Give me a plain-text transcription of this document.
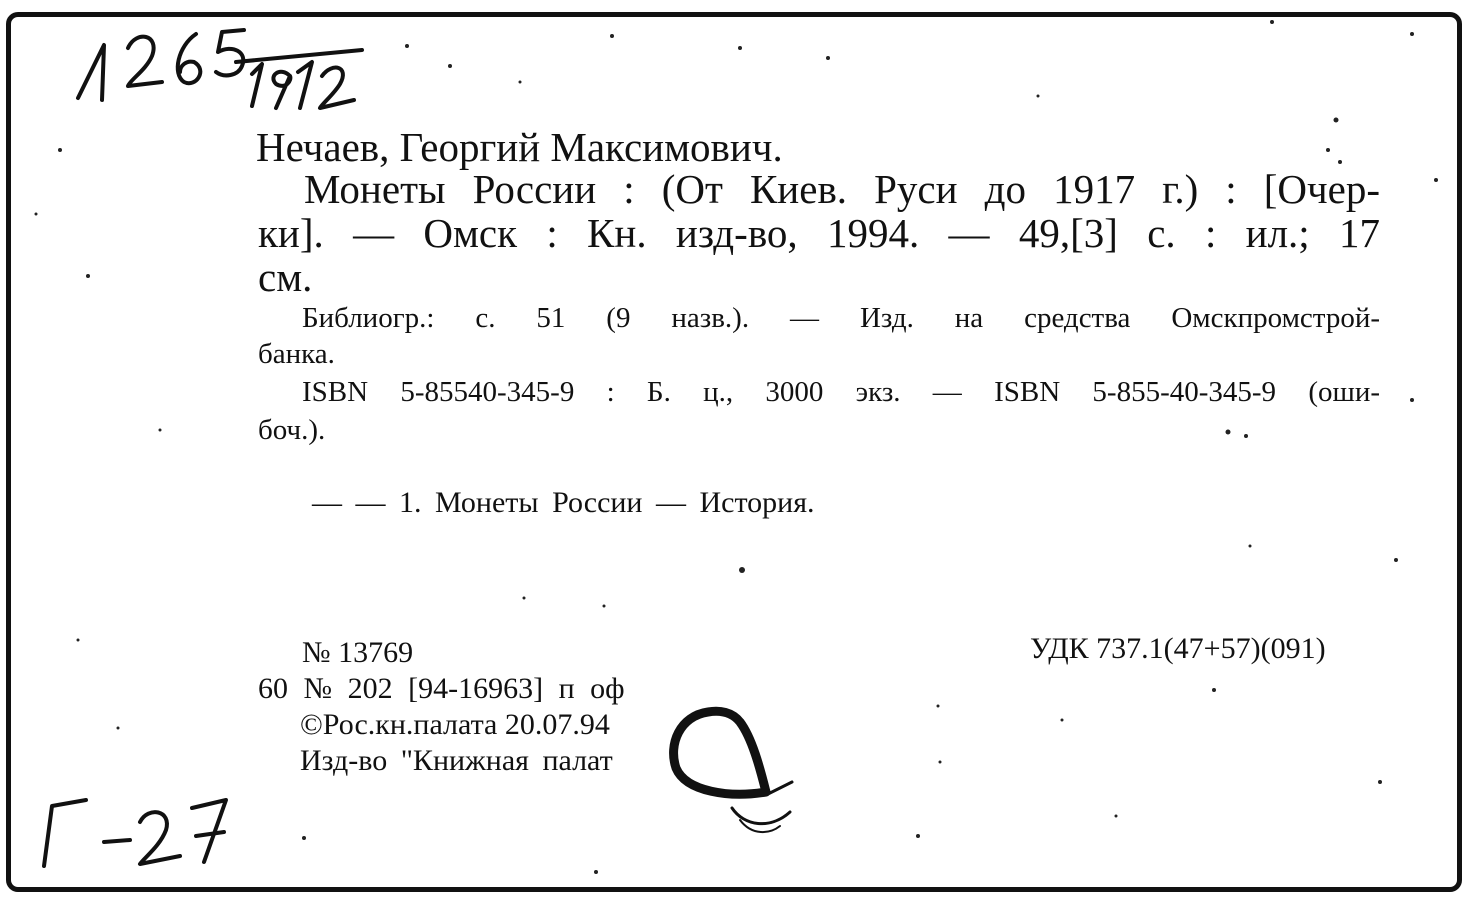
Нечаев, Георгий Максимович.
Монеты России : (От Киев. Руси до 1917 г.) : [Очер-
ки]. — Омск : Кн. изд-во, 1994. — 49,[3] с. : ил.; 17
см.
Библиогр.: с. 51 (9 назв.). — Изд. на средства Омскпромстрой-
банка.
ISBN 5-85540-345-9 : Б. ц., 3000 экз. — ISBN 5-855-40-345-9 (оши-
боч.).
— — 1. Монеты России — История.
№ 13769	УДК 737.1(47+57)(091)
60 № 202 [94-16963] п оф
©Рос.кн.палата 20.07.94
Изд-во "Книжная палат
